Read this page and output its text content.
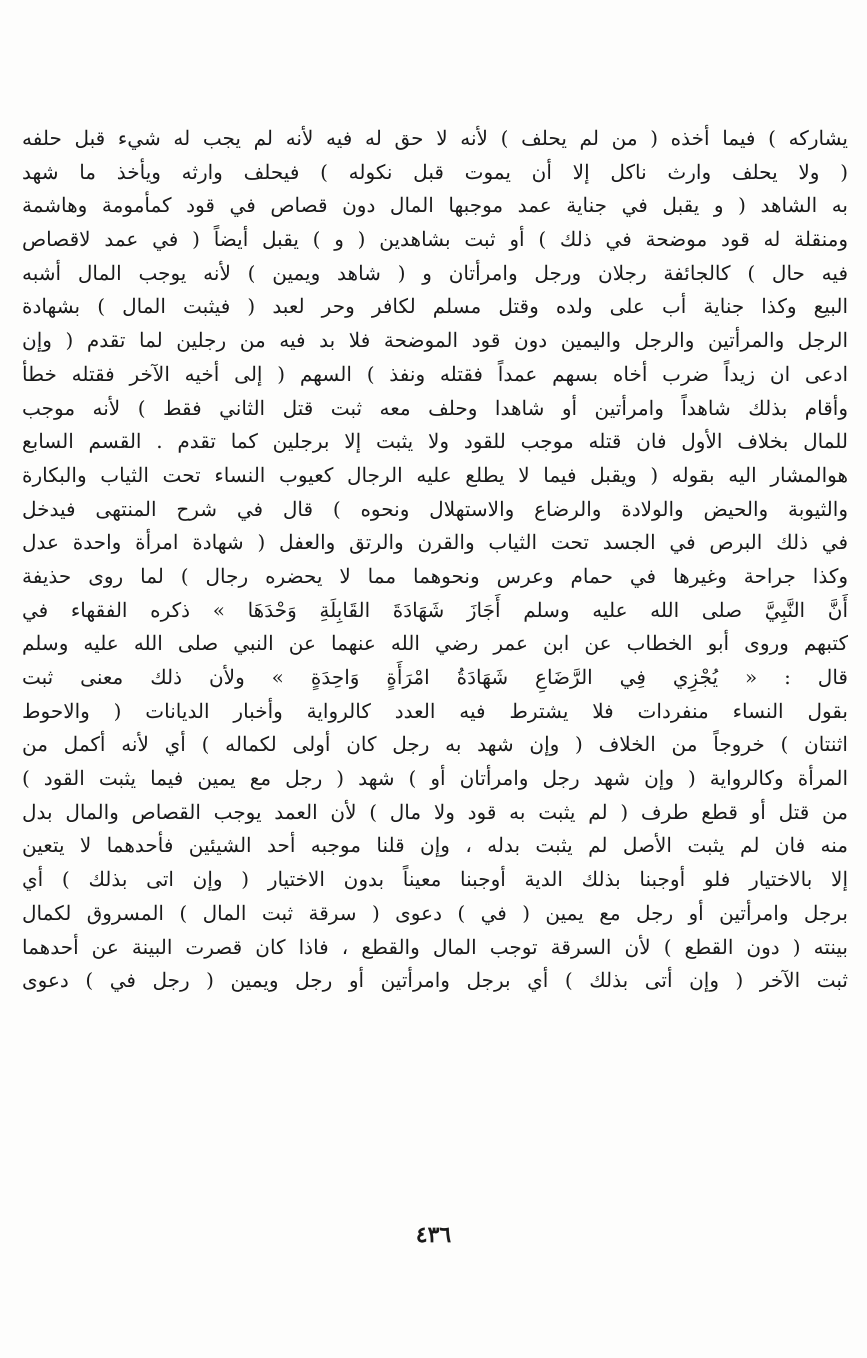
يشاركه ) فيما أخذه ( من لم يحلف ) لأنه لا حق له فيه لأنه لم يجب له شيء قبل حلفه
( ولا يحلف وارث ناكل إلا أن يموت قبل نكوله ) فيحلف وارثه ويأخذ ما شهد
به الشاهد ( و يقبل في جناية عمد موجبها المال دون قصاص في قود كمأمومة وهاشمة
ومنقلة له قود موضحة في ذلك ) أو ثبت بشاهدين ( و ) يقبل أيضاً ( في عمد لاقصاص
فيه حال ) كالجائفة رجلان ورجل وامرأتان و ( شاهد ويمين ) لأنه يوجب المال أشبه
البيع وكذا جناية أب على ولده وقتل مسلم لكافر وحر لعبد ( فيثبت المال ) بشهادة
الرجل والمرأتين والرجل واليمين دون قود الموضحة فلا بد فيه من رجلين لما تقدم ( وإن
ادعى ان زيداً ضرب أخاه بسهم عمداً فقتله ونفذ ) السهم ( إلى أخيه الآخر فقتله خطأ
وأقام بذلك شاهداً وامرأتين أو شاهدا وحلف معه ثبت قتل الثاني فقط ) لأنه موجب
للمال بخلاف الأول فان قتله موجب للقود ولا يثبت إلا برجلين كما تقدم . القسم السابع
هوالمشار اليه بقوله ( ويقبل فيما لا يطلع عليه الرجال كعيوب النساء تحت الثياب والبكارة
والثيوبة والحيض والولادة والرضاع والاستهلال ونحوه ) قال في شرح المنتهى فيدخل
في ذلك البرص في الجسد تحت الثياب والقرن والرتق والعفل ( شهادة امرأة واحدة عدل
وكذا جراحة وغيرها في حمام وعرس ونحوهما مما لا يحضره رجال ) لما روى حذيفة
أَنَّ النَّبِيَّ صلى الله عليه وسلم أَجَازَ شَهَادَةَ القَابِلَةِ وَحْدَهَا » ذكره الفقهاء في
كتبهم وروى أبو الخطاب عن ابن عمر رضي الله عنهما عن النبي صلى الله عليه وسلم
قال : « يُجْزِي فِي الرَّضَاعِ شَهَادَةُ امْرَأَةٍ وَاحِدَةٍ » ولأن ذلك معنى ثبت
بقول النساء منفردات فلا يشترط فيه العدد كالرواية وأخبار الديانات ( والاحوط
اثنتان ) خروجاً من الخلاف ( وإن شهد به رجل كان أولى لكماله ) أي لأنه أكمل من
المرأة وكالرواية ( وإن شهد رجل وامرأتان أو ) شهد ( رجل مع يمين فيما يثبت القود )
من قتل أو قطع طرف ( لم يثبت به قود ولا مال ) لأن العمد يوجب القصاص والمال بدل
منه فان لم يثبت الأصل لم يثبت بدله ، وإن قلنا موجبه أحد الشيئين فأحدهما لا يتعين
إلا بالاختيار فلو أوجبنا بذلك الدية أوجبنا معيناً بدون الاختيار ( وإن اتى بذلك ) أي
برجل وامرأتين أو رجل مع يمين ( في ) دعوى ( سرقة ثبت المال ) المسروق لكمال
بينته ( دون القطع ) لأن السرقة توجب المال والقطع ، فاذا كان قصرت البينة عن أحدهما
ثبت الآخر ( وإن أتى بذلك ) أي برجل وامرأتين أو رجل ويمين ( رجل في ) دعوى
٤٣٦
